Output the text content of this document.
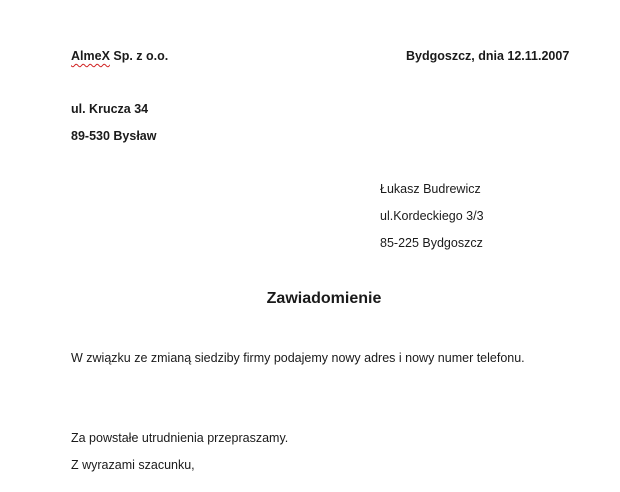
AlmeX Sp. z o.o.	Bydgoszcz, dnia 12.11.2007
ul. Krucza 34
89-530 Bysław
Łukasz Budrewicz
ul.Kordeckiego 3/3
85-225 Bydgoszcz
Zawiadomienie
W związku ze zmianą siedziby firmy podajemy nowy adres i nowy numer telefonu.
Za powstałe utrudnienia przepraszamy.
Z wyrazami szacunku,
